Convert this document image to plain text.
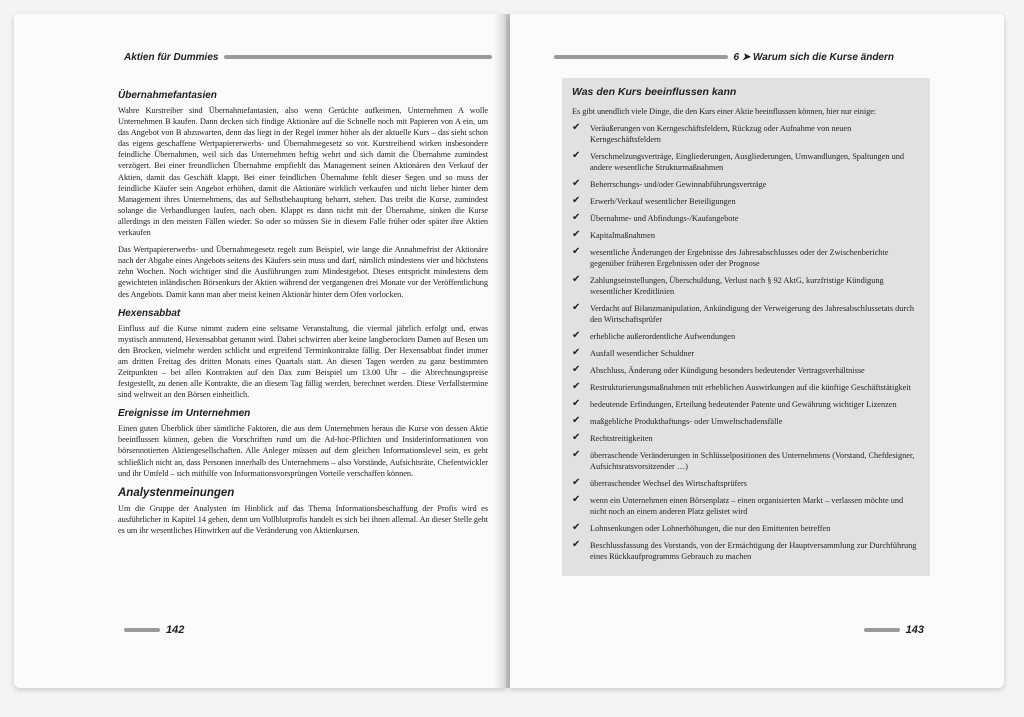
Aktien für Dummies
Übernahmefantasien

Wahre Kurstreiber sind Übernahmefantasien, also wenn Gerüchte aufkeimen, Unternehmen A wolle Unternehmen B kaufen. Dann decken sich findige Aktionäre auf die Schnelle noch mit Papieren von A ein, um das Angebot von B abzuwarten, denn das liegt in der Regel immer höher als der aktuelle Kurs – das sieht schon das eigens geschaffene Wertpapiererwerbs- und Übernahmegesetz so vor. Kurstreibend wirken insbesondere feindliche Übernahmen, weil sich das Unternehmen heftig wehrt und sich damit die Übernahme zumindest verzögert. Bei einer freundlichen Übernahme empfiehlt das Management seinen Aktionären den Verkauf der Aktien, damit das Geschäft klappt. Bei einer feindlichen Übernahme fehlt dieser Segen und so muss der feindliche Käufer sein Angebot erhöhen, damit die Aktionäre wirklich verkaufen und nicht lieber hinter dem Management ihres Unternehmens, das auf Selbstbehauptung beharrt, stehen. Das treibt die Kurse, zumindest solange die Verhandlungen laufen, nach oben. Klappt es dann nicht mit der Übernahme, sinken die Kurse allerdings in den meisten Fällen wieder. So oder so müssen Sie in diesem Falle früher oder später ihre Aktien verkaufen

Das Wertpapiererwerbs- und Übernahmegesetz regelt zum Beispiel, wie lange die Annahmefrist der Aktionäre nach der Abgabe eines Angebots seitens des Käufers sein muss und darf, nämlich mindestens vier und höchstens zehn Wochen. Noch wichtiger sind die Ausführungen zum Mindestgebot. Dieses entspricht mindestens dem gewichteten inländischen Börsenkurs der Aktien während der vergangenen drei Monate vor der Veröffentlichung des Angebots. Damit kann man aber meist keinen Aktionär hinter dem Ofen vorlocken.

Hexensabbat

Einfluss auf die Kurse nimmt zudem eine seltsame Veranstaltung, die viermal jährlich erfolgt und, etwas mystisch anmutend, Hexensabbat genannt wird. Dabei schwirren aber keine langberockten Damen auf Besen um den Brocken, vielmehr werden schlicht und ergreifend Terminkontrakte fällig. Der Hexensabbat findet immer am dritten Freitag des dritten Monats eines Quartals statt. An diesen Tagen werden zu ganz bestimmten Zeitpunkten – bei allen Kontrakten auf den Dax zum Beispiel um 13.00 Uhr – die Abrechnungspreise festgestellt, zu denen alle Kontrakte, die an diesem Tag fällig werden, berechnet werden. Diese Verfallstermine sind weltweit an den Börsen einheitlich.

Ereignisse im Unternehmen

Einen guten Überblick über sämtliche Faktoren, die aus dem Unternehmen heraus die Kurse von dessen Aktie beeinflussen können, geben die Vorschriften rund um die Ad-hoc-Pflichten und Insiderinformationen von börsennotierten Aktiengesellschaften. Alle Anleger müssen auf dem gleichen Informationslevel sein, es geht schließlich nicht an, dass Personen innerhalb des Unternehmens – also Vorstände, Aufsichtsräte, Chefentwickler und ihr Umfeld – sich mithilfe von Informationsvorsprüngen Vorteile verschaffen können.

Analystenmeinungen

Um die Gruppe der Analysten im Hinblick auf das Thema Informationsbeschaffung der Profis wird es ausführlicher in Kapitel 14 gehen, denn um Vollblutprofis handelt es sich bei ihnen allemal. An dieser Stelle geht es um ihr wesentliches Hinwirken auf die Veränderung von Aktienkursen.

142
6 ➤ Warum sich die Kurse ändern
Was den Kurs beeinflussen kann

Es gibt unendlich viele Dinge, die den Kurs einer Aktie beeinflussen können, hier nur einige:

✔ Veräußerungen von Kerngeschäftsfeldern, Rückzug oder Aufnahme von neuen Kerngeschäftsfeldern
✔ Verschmelzungsverträge, Eingliederungen, Ausgliederungen, Umwandlungen, Spaltungen und andere wesentliche Strukturmaßnahmen
✔ Beherrschungs- und/oder Gewinnabführungsverträge
✔ Erwerb/Verkauf wesentlicher Beteiligungen
✔ Übernahme- und Abfindungs-/Kaufangebote
✔ Kapitalmaßnahmen
✔ wesentliche Änderungen der Ergebnisse des Jahresabschlusses oder der Zwischenberichte gegenüber früheren Ergebnissen oder der Prognose
✔ Zahlungseinstellungen, Überschuldung, Verlust nach § 92 AktG, kurzfristige Kündigung wesentlicher Kreditlinien
✔ Verdacht auf Bilanzmanipulation, Ankündigung der Verweigerung des Jahresabschlussetats durch den Wirtschaftsprüfer
✔ erhebliche außerordentliche Aufwendungen
✔ Ausfall wesentlicher Schuldner
✔ Abschluss, Änderung oder Kündigung besonders bedeutender Vertragsverhältnisse
✔ Restrukturierungsmaßnahmen mit erheblichen Auswirkungen auf die künftige Geschäftstätigkeit
✔ bedeutende Erfindungen, Erteilung bedeutender Patente und Gewährung wichtiger Lizenzen
✔ maßgebliche Produkthaftungs- oder Umweltschadensfälle
✔ Rechtstreitigkeiten
✔ überraschende Veränderungen in Schlüsselpositionen des Unternehmens (Vorstand, Chefdesigner, Aufsichtsratsvorsitzender …)
✔ überraschender Wechsel des Wirtschaftsprüfers
✔ wenn ein Unternehmen einen Börsenplatz – einen organisierten Markt – verlassen möchte und nicht noch an einem anderen Platz gelistet wird
✔ Lohnsenkungen oder Lohnerhöhungen, die nur den Emittenten betreffen
✔ Beschlussfassung des Vorstands, von der Ermächtigung der Hauptversammlung zur Durchführung eines Rückkaufprogramms Gebrauch zu machen
143
